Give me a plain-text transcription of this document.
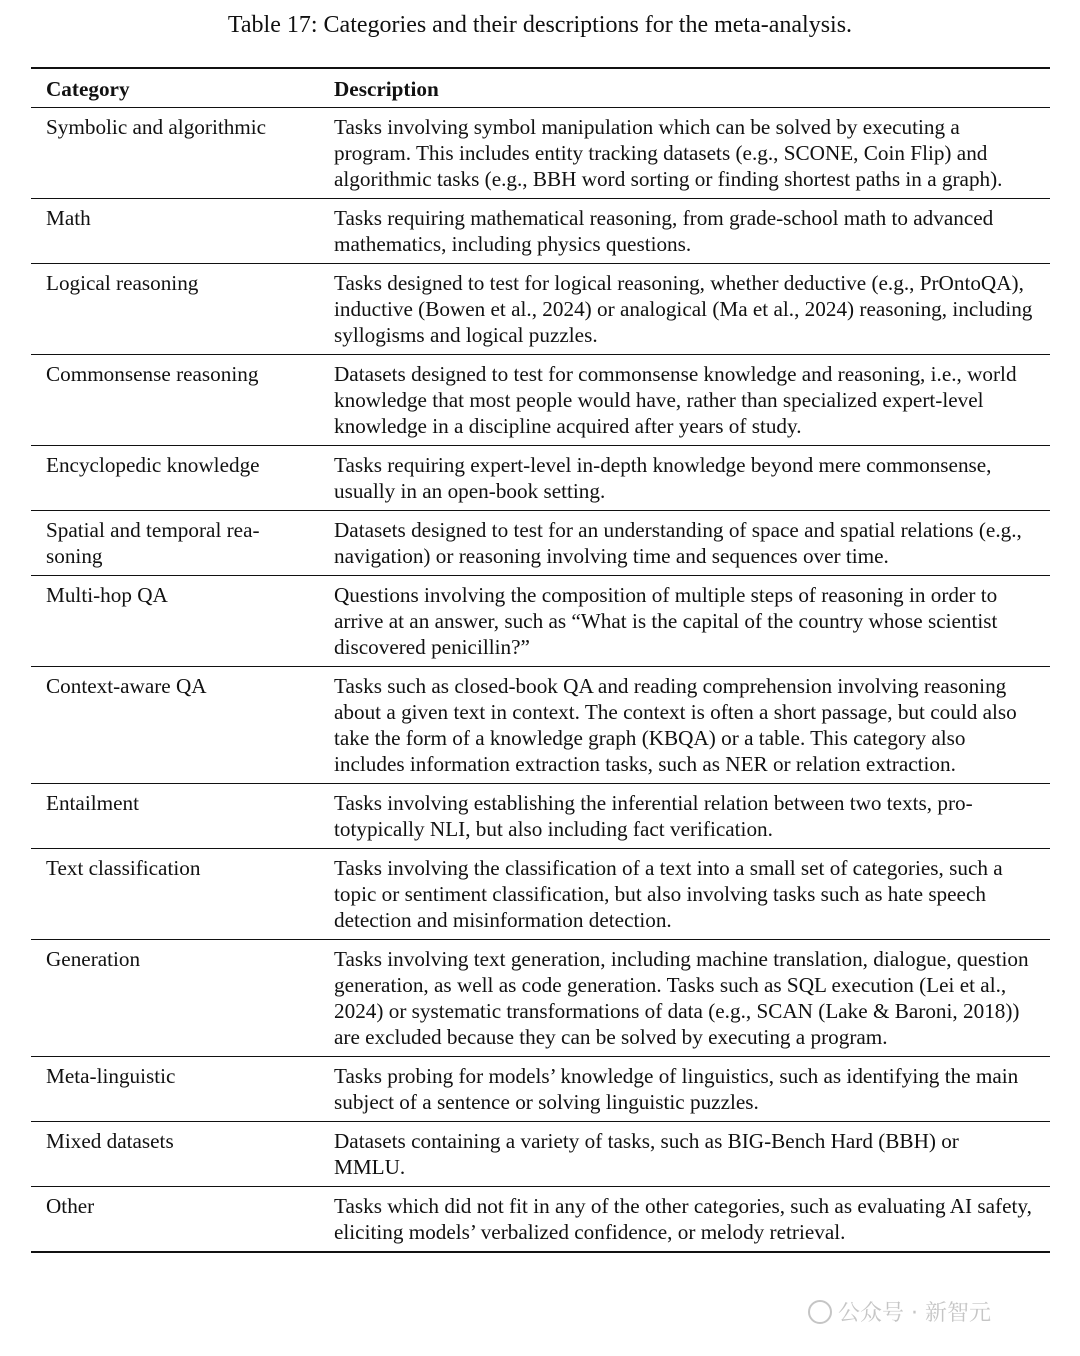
Table 17: Categories and their descriptions for the meta-analysis.
Category	Description
Symbolic and algorithmic	Tasks involving symbol manipulation which can be solved by executing a program. This includes entity tracking datasets (e.g., SCONE, Coin Flip) and algorithmic tasks (e.g., BBH word sorting or finding shortest paths in a graph).
Math	Tasks requiring mathematical reasoning, from grade-school math to advanced mathematics, including physics questions.
Logical reasoning	Tasks designed to test for logical reasoning, whether deductive (e.g., PrOntoQA), inductive (Bowen et al., 2024) or analogical (Ma et al., 2024) reasoning, including syllogisms and logical puzzles.
Commonsense reasoning	Datasets designed to test for commonsense knowledge and reasoning, i.e., world knowledge that most people would have, rather than specialized expert-level knowledge in a discipline acquired after years of study.
Encyclopedic knowledge	Tasks requiring expert-level in-depth knowledge beyond mere commonsense, usually in an open-book setting.
Spatial and temporal reasoning	Datasets designed to test for an understanding of space and spatial relations (e.g., navigation) or reasoning involving time and sequences over time.
Multi-hop QA	Questions involving the composition of multiple steps of reasoning in order to arrive at an answer, such as “What is the capital of the country whose scientist discovered penicillin?”
Context-aware QA	Tasks such as closed-book QA and reading comprehension involving reasoning about a given text in context. The context is often a short passage, but could also take the form of a knowledge graph (KBQA) or a table. This category also includes information extraction tasks, such as NER or relation extraction.
Entailment	Tasks involving establishing the inferential relation between two texts, prototypically NLI, but also including fact verification.
Text classification	Tasks involving the classification of a text into a small set of categories, such a topic or sentiment classification, but also involving tasks such as hate speech detection and misinformation detection.
Generation	Tasks involving text generation, including machine translation, dialogue, question generation, as well as code generation. Tasks such as SQL execution (Lei et al., 2024) or systematic transformations of data (e.g., SCAN (Lake & Baroni, 2018)) are excluded because they can be solved by executing a program.
Meta-linguistic	Tasks probing for models’ knowledge of linguistics, such as identifying the main subject of a sentence or solving linguistic puzzles.
Mixed datasets	Datasets containing a variety of tasks, such as BIG-Bench Hard (BBH) or MMLU.
Other	Tasks which did not fit in any of the other categories, such as evaluating AI safety, eliciting models’ verbalized confidence, or melody retrieval.
公众号 · 新智元
